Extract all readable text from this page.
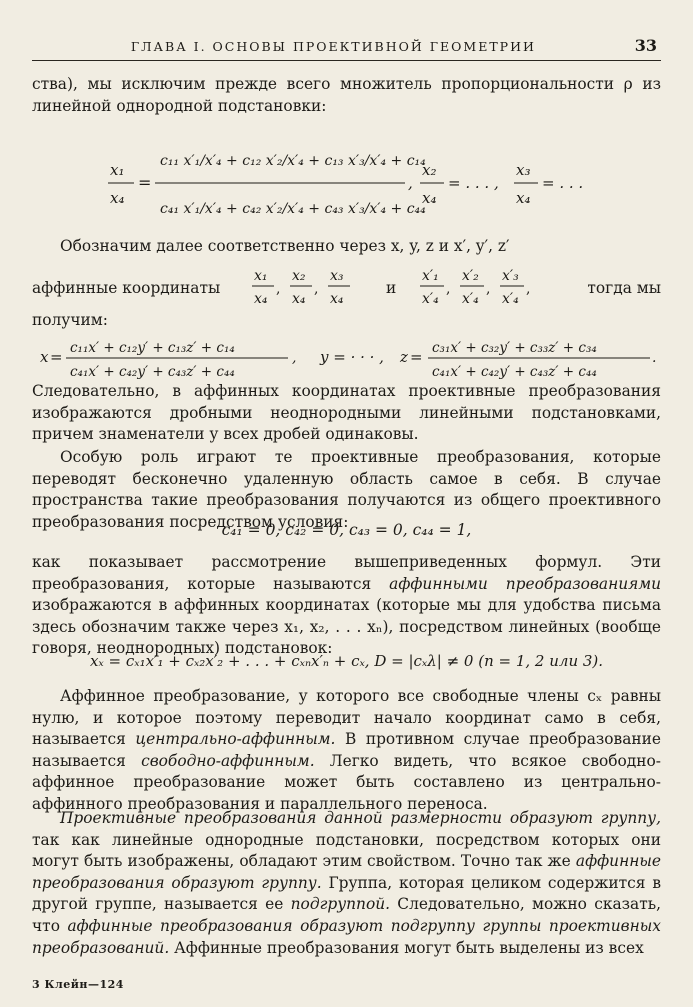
ГЛАВА I. ОСНОВЫ ПРОЕКТИВНОЙ ГЕОМЕТРИИ	33
ства), мы исключим прежде всего множитель пропорциональности ρ из линейной однородной подстановки:
x₁
x₄
=
c₁₁ x′₁/x′₄ + c₁₂ x′₂/x′₄ + c₁₃ x′₃/x′₄ + c₁₄
c₄₁ x′₁/x′₄ + c₄₂ x′₂/x′₄ + c₄₃ x′₃/x′₄ + c₄₄
,
x₂
x₄
= . . . ,
x₃
x₄
= . . .
Обозначим далее соответственно через x, y, z и x′, y′, z′
аффинные координаты
x₁
x₄
,
x₂
x₄
,
x₃
x₄
x′₁
x′₄
,
x′₂
x′₄
,
x′₃
x′₄
,
и	тогда мы
получим:
x = c₁₁x′ + c₁₂y′ + c₁₃z′ + c₁₄
c₄₁x′ + c₄₂y′ + c₄₃z′ + c₄₄
, y = · · · , z = c₃₁x′ + c₃₂y′ + c₃₃z′ + c₃₄
c₄₁x′ + c₄₂y′ + c₄₃z′ + c₄₄
.
Следовательно, в аффинных координатах проективные преобразования изображаются дробными неоднородными линейными подстановками, причем знаменатели у всех дробей одинаковы.
Особую роль играют те проективные преобразования, которые переводят бесконечно удаленную область самое в себя. В случае пространства такие преобразования получаются из общего проективного преобразования посредством условия:
c₄₁ = 0, c₄₂ = 0, c₄₃ = 0, c₄₄ = 1,
как показывает рассмотрение вышеприведенных формул. Эти преобразования, которые называются аффинными преобразованиями изображаются в аффинных координатах (которые мы для удобства письма здесь обозначим также через x₁, x₂, . . . xₙ), посредством линейных (вообще говоря, неоднородных) подстановок:
xₓ = cₓ₁x′₁ + cₓ₂x′₂ + . . . + cₓₙx′ₙ + cₓ, D = |cₓλ| ≠ 0 (n = 1, 2 или 3).
Аффинное преобразование, у которого все свободные члены cₓ равны нулю, и которое поэтому переводит начало координат само в себя, называется центрально-аффинным. В противном случае преобразование называется свободно-аффинным. Легко видеть, что всякое свободно-аффинное преобразование может быть составлено из центрально-аффинного преобразования и параллельного переноса.
Проективные преобразования данной размерности образуют группу, так как линейные однородные подстановки, посредством которых они могут быть изображены, обладают этим свойством. Точно так же аффинные преобразования образуют группу. Группа, которая целиком содержится в другой группе, называется ее подгруппой. Следовательно, можно сказать, что аффинные преобразования образуют подгруппу группы проективных преобразований. Аффинные преобразования могут быть выделены из всех
3 Клейн—124
